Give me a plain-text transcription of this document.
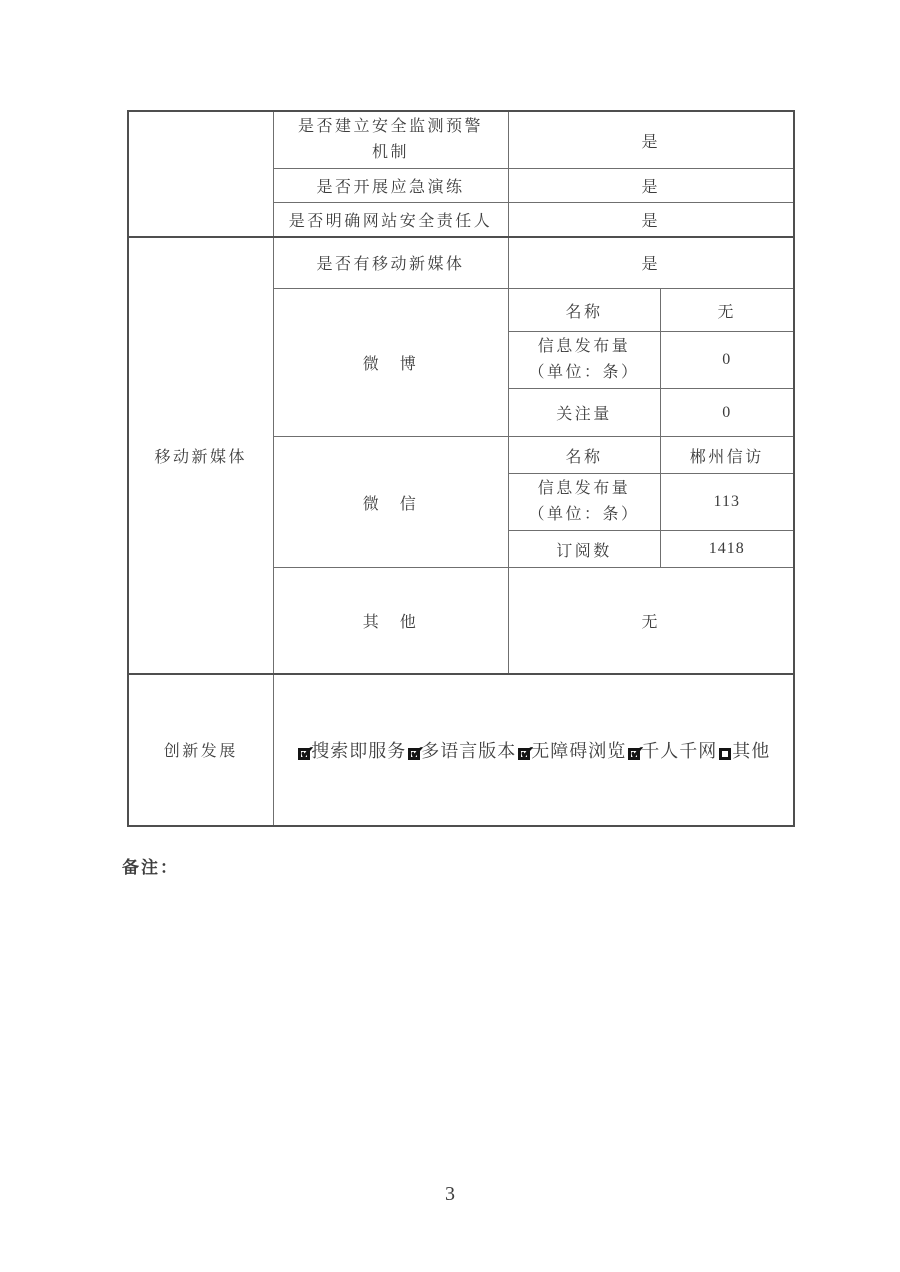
	是否建立安全监测预警
机制	是	
	是否开展应急演练	是	
	是否明确网站安全责任人	是	
移动新媒体	是否有移动新媒体	是	
	微　博	名称	无

		信息发布量
（单位：条）	0
		关注量	0
	微　信	名称	郴州信访

		信息发布量
（单位：条）	113
		订阅数	1418
	其　他	无	
创新发展	✔搜索即服务 ✔ 多语言版本 ✔ 无障碍浏览 ✔ 千人千网 其他
备注：
3
